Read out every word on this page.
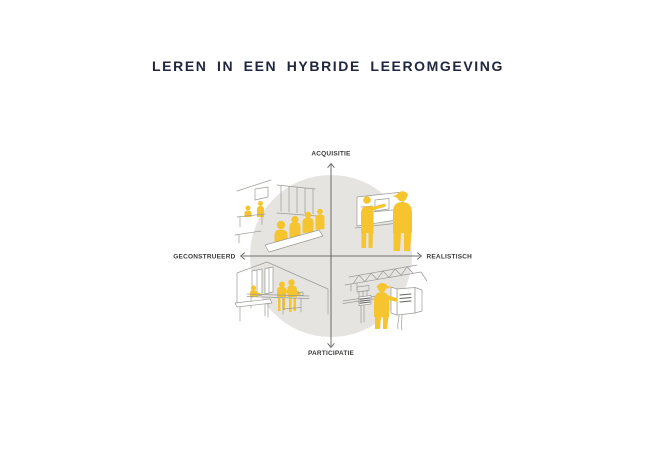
LEREN IN EEN HYBRIDE LEEROMGEVING
ACQUISITIE
PARTICIPATIE
GECONSTRUEERD	REALISTISCH
